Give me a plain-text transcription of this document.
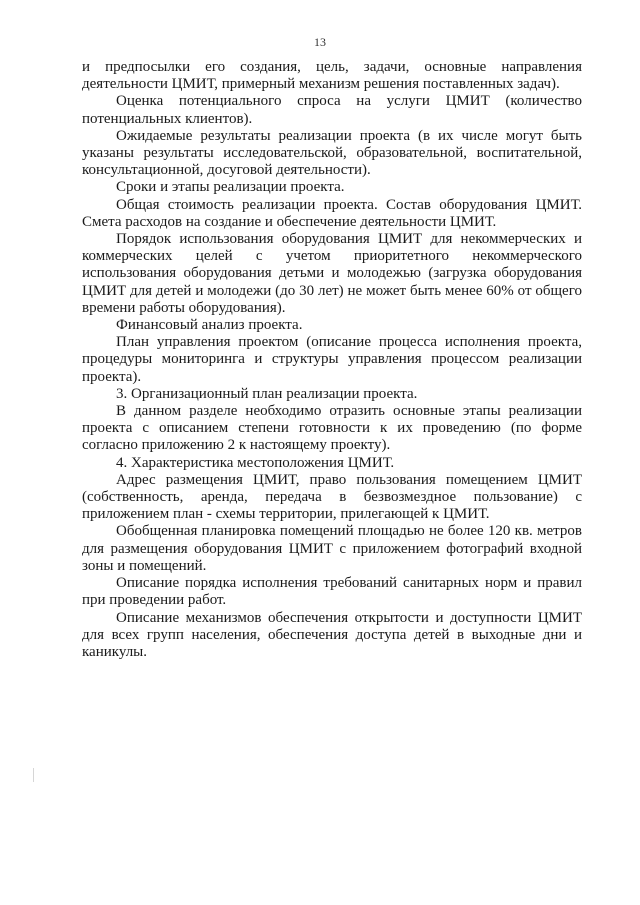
13

и предпосылки его создания, цель, задачи, основные направления деятельности ЦМИТ, примерный механизм решения поставленных задач).

Оценка потенциального спроса на услуги ЦМИТ (количество потенциальных клиентов).

Ожидаемые результаты реализации проекта (в их числе могут быть указаны результаты исследовательской, образовательной, воспитательной, консультационной, досуговой деятельности).

Сроки и этапы реализации проекта.

Общая стоимость реализации проекта. Состав оборудования ЦМИТ. Смета расходов на создание и обеспечение деятельности ЦМИТ.

Порядок использования оборудования ЦМИТ для некоммерческих и коммерческих целей с учетом приоритетного некоммерческого использования оборудования детьми и молодежью (загрузка оборудования ЦМИТ для детей и молодежи (до 30 лет) не может быть менее 60% от общего времени работы оборудования).

Финансовый анализ проекта.

План управления проектом (описание процесса исполнения проекта, процедуры мониторинга и структуры управления процессом реализации проекта).

3. Организационный план реализации проекта.

В данном разделе необходимо отразить основные этапы реализации проекта с описанием степени готовности к их проведению (по форме согласно приложению 2 к настоящему проекту).

4. Характеристика местоположения ЦМИТ.

Адрес размещения ЦМИТ, право пользования помещением ЦМИТ (собственность, аренда, передача в безвозмездное пользование) с приложением план - схемы территории, прилегающей к ЦМИТ.

Обобщенная планировка помещений площадью не более 120 кв. метров для размещения оборудования ЦМИТ с приложением фотографий входной зоны и помещений.

Описание порядка исполнения требований санитарных норм и правил при проведении работ.

Описание механизмов обеспечения открытости и доступности ЦМИТ для всех групп населения, обеспечения доступа детей в выходные дни и каникулы.
